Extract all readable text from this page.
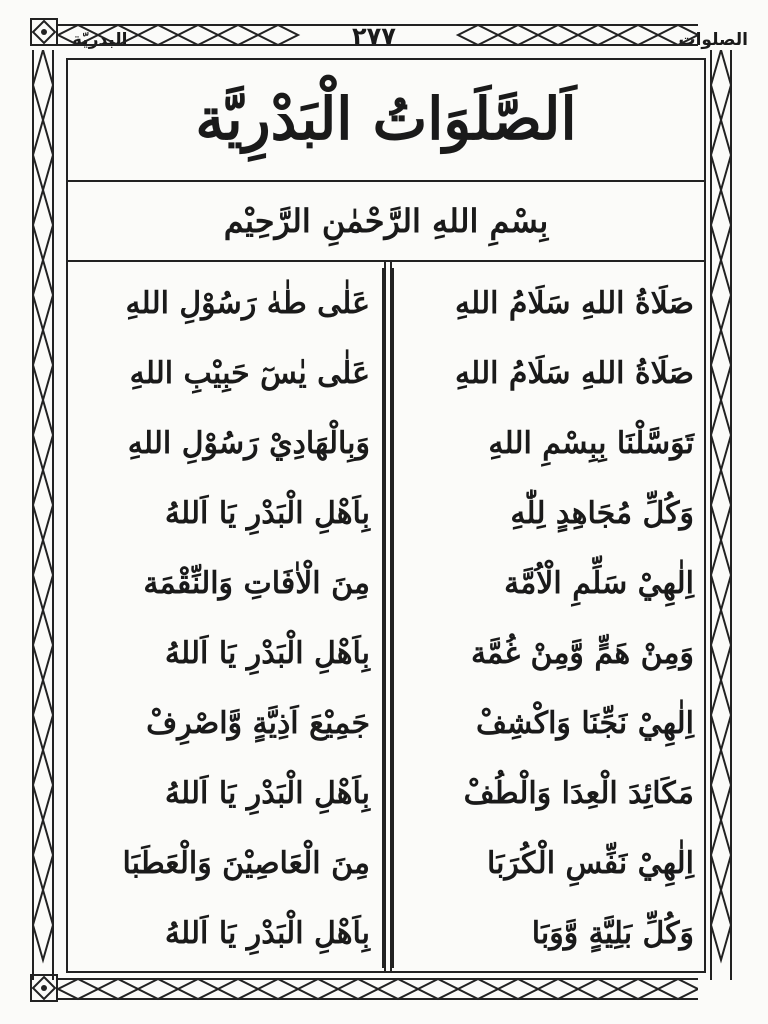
البدريّة	٢٧٧	الصلوات
اَلصَّلَوَاتُ الْبَدْرِيَّة
بِسْمِ اللهِ الرَّحْمٰنِ الرَّحِيْم
صَلَاةُ اللهِ سَلَامُ اللهِ
صَلَاةُ اللهِ سَلَامُ اللهِ
تَوَسَّلْنَا بِبِسْمِ اللهِ
وَكُلِّ مُجَاهِدٍ لِلّٰهِ
اِلٰهِيْ سَلِّمِ الْاُمَّة
وَمِنْ هَمٍّ وَّمِنْ غُمَّة
اِلٰهِيْ نَجِّنَا وَاكْشِفْ
مَكَائِدَ الْعِدَا وَالْطُفْ
اِلٰهِيْ نَفِّسِ الْكُرَبَا
وَكُلِّ بَلِيَّةٍ وَّوَبَا
عَلٰى طٰهٰ رَسُوْلِ اللهِ
عَلٰى يٰسٓ حَبِيْبِ اللهِ
وَبِالْهَادِيْ رَسُوْلِ اللهِ
بِاَهْلِ الْبَدْرِ يَا اَللهُ
مِنَ الْاٰفَاتِ وَالنِّقْمَة
بِاَهْلِ الْبَدْرِ يَا اَللهُ
جَمِيْعَ اَذِيَّةٍ وَّاصْرِفْ
بِاَهْلِ الْبَدْرِ يَا اَللهُ
مِنَ الْعَاصِيْنَ وَالْعَطَبَا
بِاَهْلِ الْبَدْرِ يَا اَللهُ
